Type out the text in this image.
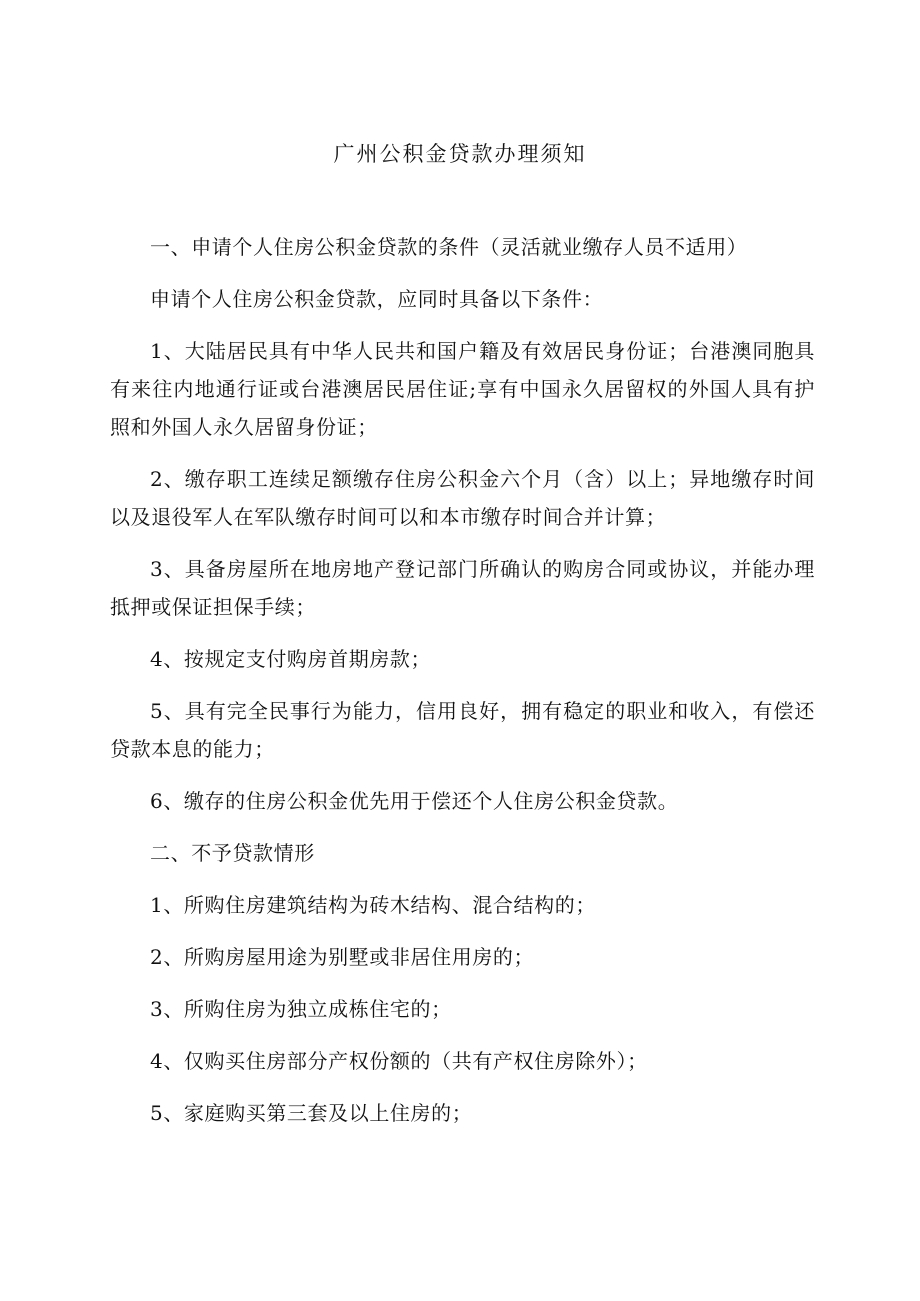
广州公积金贷款办理须知

一、申请个人住房公积金贷款的条件（灵活就业缴存人员不适用）

申请个人住房公积金贷款，应同时具备以下条件：

1、大陆居民具有中华人民共和国户籍及有效居民身份证；台港澳同胞具有来往内地通行证或台港澳居民居住证;享有中国永久居留权的外国人具有护照和外国人永久居留身份证；

2、缴存职工连续足额缴存住房公积金六个月（含）以上；异地缴存时间以及退役军人在军队缴存时间可以和本市缴存时间合并计算；

3、具备房屋所在地房地产登记部门所确认的购房合同或协议，并能办理抵押或保证担保手续；

4、按规定支付购房首期房款；

5、具有完全民事行为能力，信用良好，拥有稳定的职业和收入，有偿还贷款本息的能力；

6、缴存的住房公积金优先用于偿还个人住房公积金贷款。

二、不予贷款情形

1、所购住房建筑结构为砖木结构、混合结构的；

2、所购房屋用途为别墅或非居住用房的；

3、所购住房为独立成栋住宅的；

4、仅购买住房部分产权份额的（共有产权住房除外）；

5、家庭购买第三套及以上住房的；
